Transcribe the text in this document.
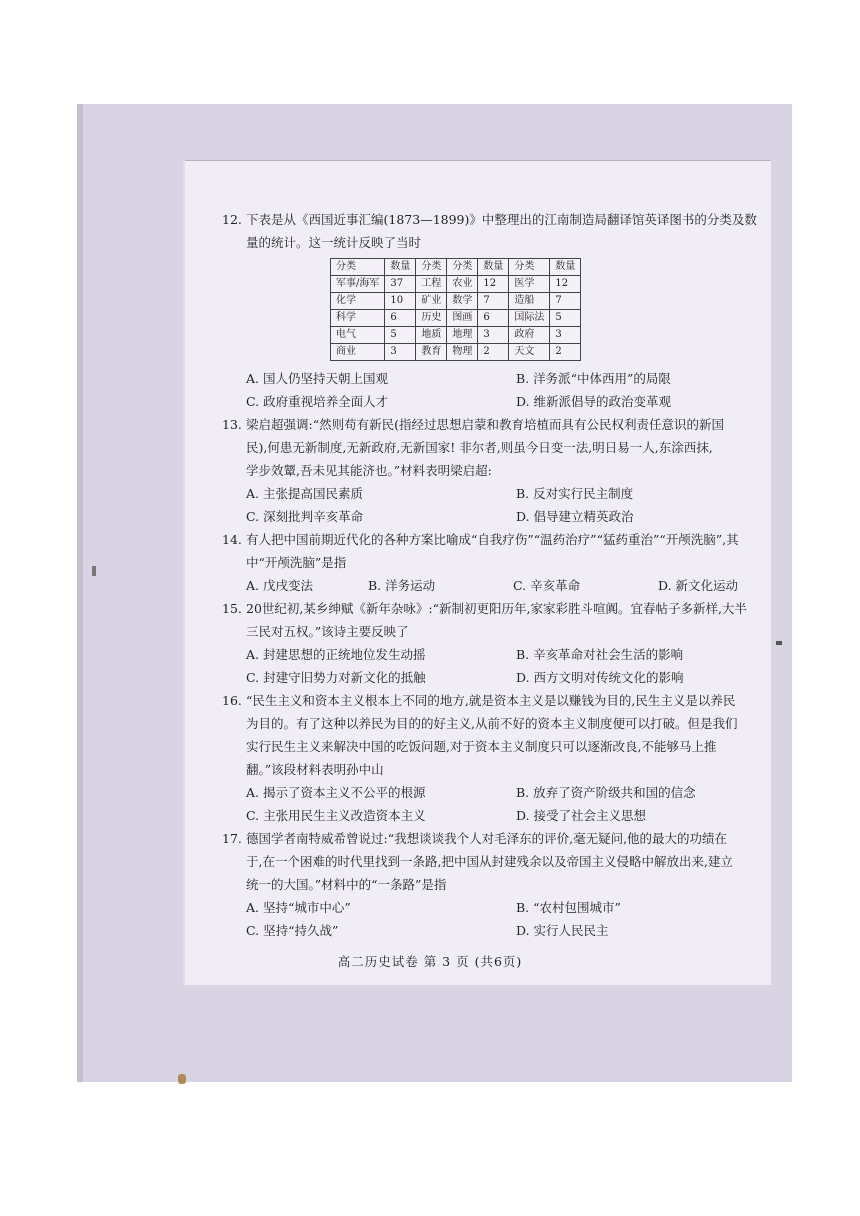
12. 下表是从《西国近事汇编(1873—1899)》中整理出的江南制造局翻译馆英译图书的分类及数
量的统计。这一统计反映了当时
分类	数量	分类	分类	数量	分类	数量
军事/海军	37	工程	农业	12	医学	12
化学	10	矿业	数学	7	造船	7
科学	6	历史	图画	6	国际法	5
电气	5	地质	地理	3	政府	3
商业	3	教育	物理	2	天文	2
A. 国人仍坚持天朝上国观	B. 洋务派“中体西用”的局限
C. 政府重视培养全面人才	D. 维新派倡导的政治变革观
13. 梁启超强调:“然则苟有新民(指经过思想启蒙和教育培植而具有公民权利责任意识的新国
民),何患无新制度,无新政府,无新国家! 非尔者,则虽今日变一法,明日易一人,东涂西抹,
学步效颦,吾未见其能济也。”材料表明梁启超:
A. 主张提高国民素质	B. 反对实行民主制度
C. 深刻批判辛亥革命	D. 倡导建立精英政治
14. 有人把中国前期近代化的各种方案比喻成“自我疗伤”“温药治疗”“猛药重治”“开颅洗脑”,其
中“开颅洗脑”是指
A. 戊戌变法	B. 洋务运动	C. 辛亥革命	D. 新文化运动
15. 20世纪初,某乡绅赋《新年杂咏》:“新制初更阳历年,家家彩胜斗喧阗。宜春帖子多新样,大半
三民对五权。”该诗主要反映了
A. 封建思想的正统地位发生动摇	B. 辛亥革命对社会生活的影响
C. 封建守旧势力对新文化的抵触	D. 西方文明对传统文化的影响
16. “民生主义和资本主义根本上不同的地方,就是资本主义是以赚钱为目的,民生主义是以养民
为目的。有了这种以养民为目的的好主义,从前不好的资本主义制度便可以打破。但是我们
实行民生主义来解决中国的吃饭问题,对于资本主义制度只可以逐渐改良,不能够马上推
翻。”该段材料表明孙中山
A. 揭示了资本主义不公平的根源	B. 放弃了资产阶级共和国的信念
C. 主张用民生主义改造资本主义	D. 接受了社会主义思想
17. 德国学者南特威希曾说过:“我想谈谈我个人对毛泽东的评价,毫无疑问,他的最大的功绩在
于,在一个困难的时代里找到一条路,把中国从封建残余以及帝国主义侵略中解放出来,建立
统一的大国。”材料中的“一条路”是指
A. 坚持“城市中心”	B. “农村包围城市”
C. 坚持“持久战”	D. 实行人民民主
高二历史试卷 第 3 页 (共6页)
